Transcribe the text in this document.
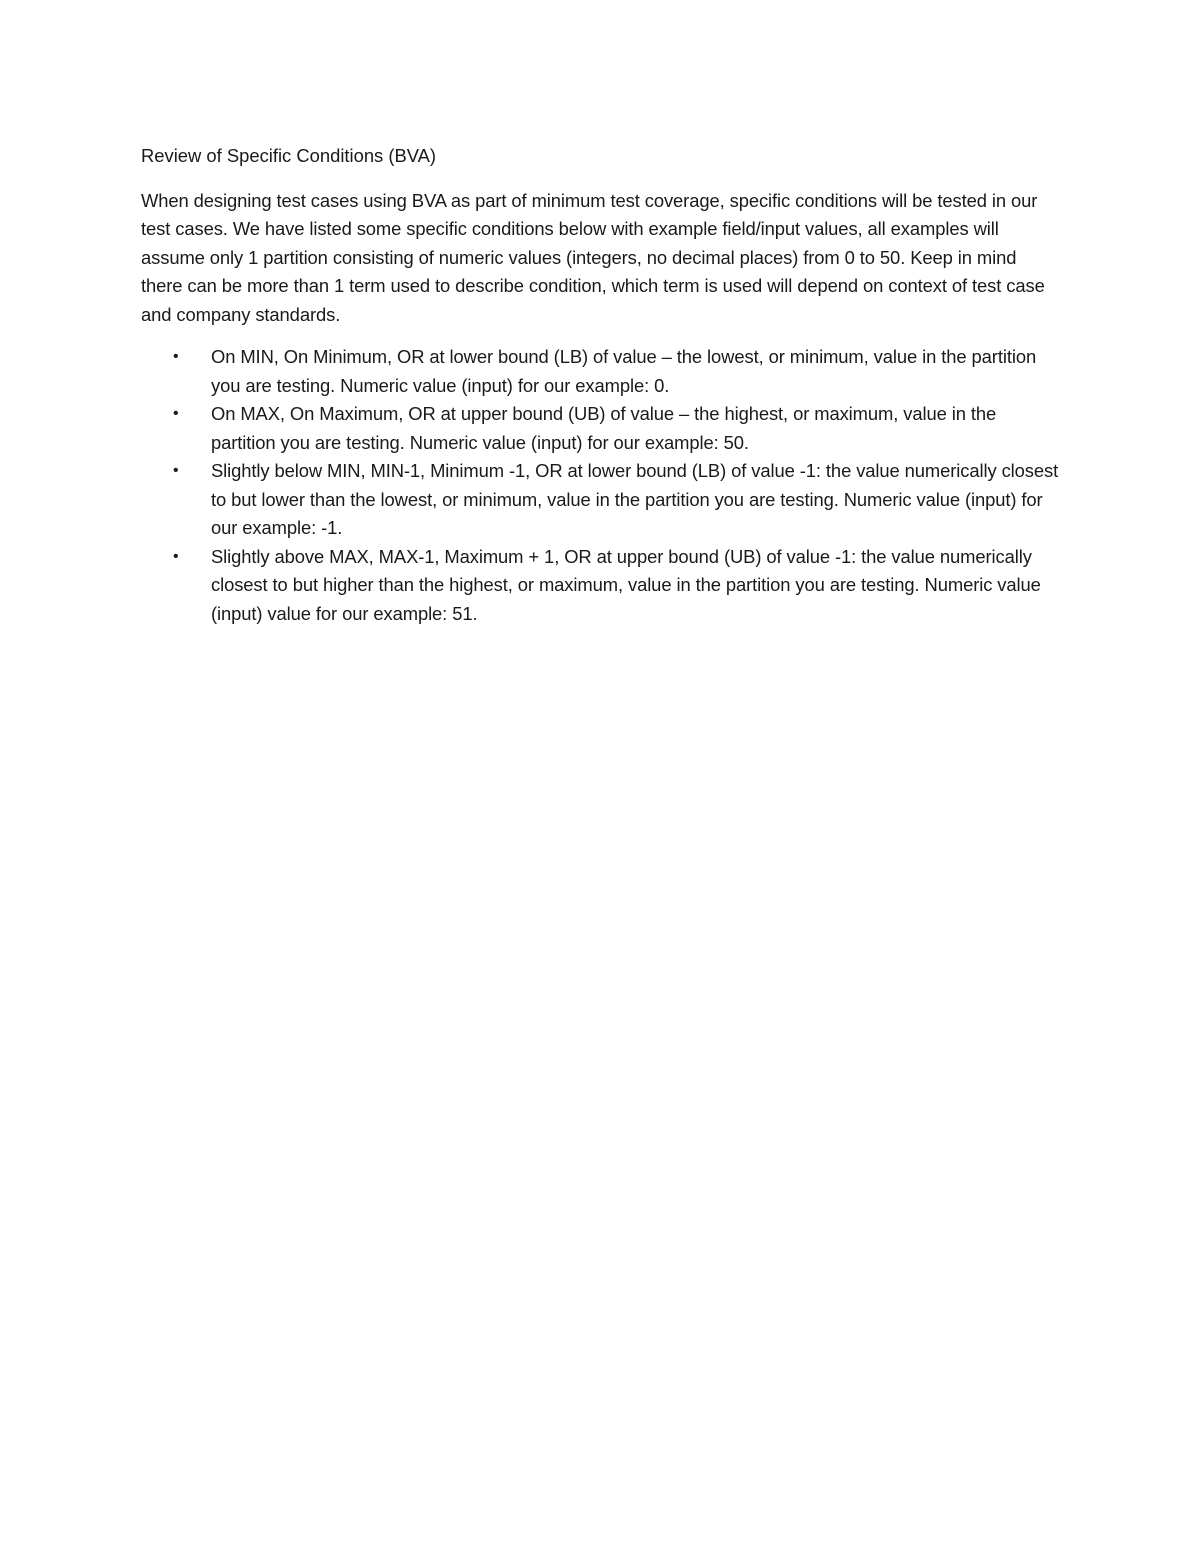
Review of Specific Conditions (BVA)

When designing test cases using BVA as part of minimum test coverage, specific conditions will be tested in our test cases. We have listed some specific conditions below with example field/input values, all examples will assume only 1 partition consisting of numeric values (integers, no decimal places) from 0 to 50. Keep in mind there can be more than 1 term used to describe condition, which term is used will depend on context of test case and company standards.

• On MIN, On Minimum, OR at lower bound (LB) of value – the lowest, or minimum, value in the partition you are testing. Numeric value (input) for our example: 0.
• On MAX, On Maximum, OR at upper bound (UB) of value – the highest, or maximum, value in the partition you are testing. Numeric value (input) for our example: 50.
• Slightly below MIN, MIN-1, Minimum -1, OR at lower bound (LB) of value -1: the value numerically closest to but lower than the lowest, or minimum, value in the partition you are testing. Numeric value (input) for our example: -1.
• Slightly above MAX, MAX-1, Maximum + 1, OR at upper bound (UB) of value -1: the value numerically closest to but higher than the highest, or maximum, value in the partition you are testing. Numeric value (input) value for our example: 51.
